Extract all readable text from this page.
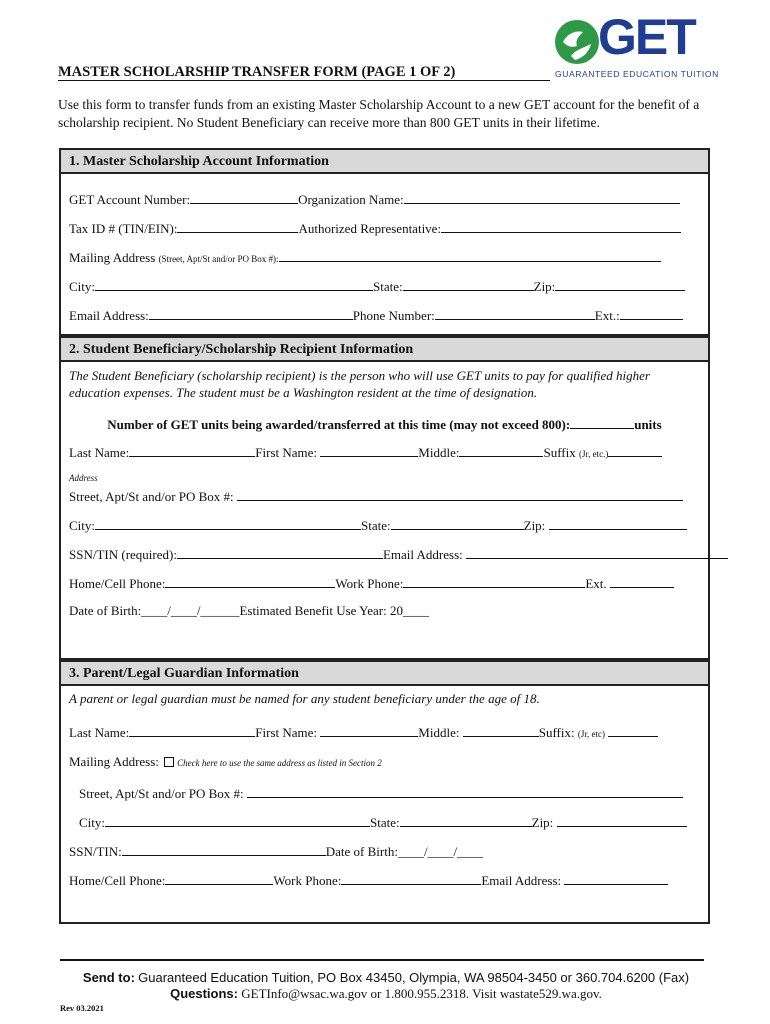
GET
GUARANTEED EDUCATION TUITION
MASTER SCHOLARSHIP TRANSFER FORM (PAGE 1 OF 2)
Use this form to transfer funds from an existing Master Scholarship Account to a new GET account for the benefit of a scholarship recipient. No Student Beneficiary can receive more than 800 GET units in their lifetime.
1. Master Scholarship Account Information
GET Account Number:	Organization Name:
Tax ID # (TIN/EIN):	Authorized Representative:
Mailing Address (Street, Apt/St and/or PO Box #):
City:	State:	Zip:
Email Address:	Phone Number:	Ext.:
2. Student Beneficiary/Scholarship Recipient Information
The Student Beneficiary (scholarship recipient) is the person who will use GET units to pay for qualified higher education expenses. The student must be a Washington resident at the time of designation.
Number of GET units being awarded/transferred at this time (may not exceed 800):	units
Last Name:	First Name:	Middle:	Suffix (Jr, etc.)
Address
Street, Apt/St and/or PO Box #:
City:	State:	Zip:
SSN/TIN (required):	Email Address:
Home/Cell Phone:	Work Phone:	Ext.
Date of Birth:____/____/______Estimated Benefit Use Year: 20____
3. Parent/Legal Guardian Information
A parent or legal guardian must be named for any student beneficiary under the age of 18.
Last Name:	First Name:	Middle:	Suffix: (Jr, etc)
Mailing Address: Check here to use the same address as listed in Section 2
Street, Apt/St and/or PO Box #:
City:	State:	Zip:
SSN/TIN:	Date of Birth:____/____/____
Home/Cell Phone:	Work Phone:	Email Address:
Send to: Guaranteed Education Tuition, PO Box 43450, Olympia, WA 98504-3450 or 360.704.6200 (Fax)
Questions: GETInfo@wsac.wa.gov or 1.800.955.2318. Visit wastate529.wa.gov.
Rev 03.2021
